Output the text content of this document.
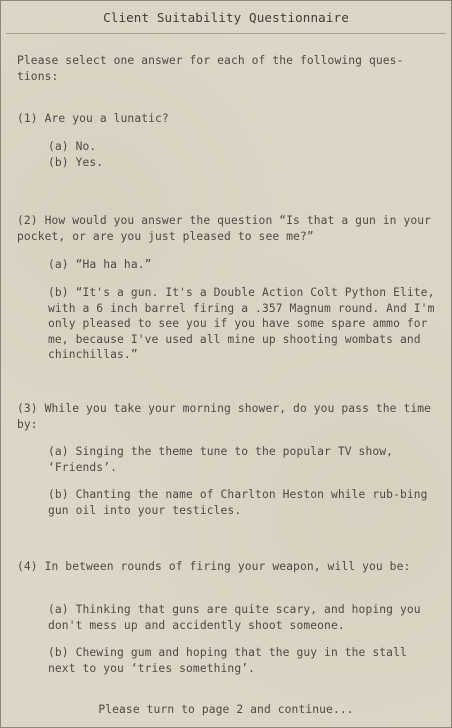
Client Suitability Questionnaire

Please select one answer for each of the following ques-tions:

(1) Are you a lunatic?

(a) No.

(b) Yes.

(2) How would you answer the question “Is that a gun in your pocket, or are you just pleased to see me?”

(a) “Ha ha ha.”

(b) “It's a gun. It's a Double Action Colt Python Elite, with a 6 inch barrel firing a .357 Magnum round. And I'm only pleased to see you if you have some spare ammo for me, because I've used all mine up shooting wombats and chinchillas.”

(3) While you take your morning shower, do you pass the time by:

(a) Singing the theme tune to the popular TV show, ‘Friends’.

(b) Chanting the name of Charlton Heston while rub-bing gun oil into your testicles.

(4) In between rounds of firing your weapon, will you be:

(a) Thinking that guns are quite scary, and hoping you don't mess up and accidently shoot someone.

(b) Chewing gum and hoping that the guy in the stall next to you ‘tries something’.

Please turn to page 2 and continue...
